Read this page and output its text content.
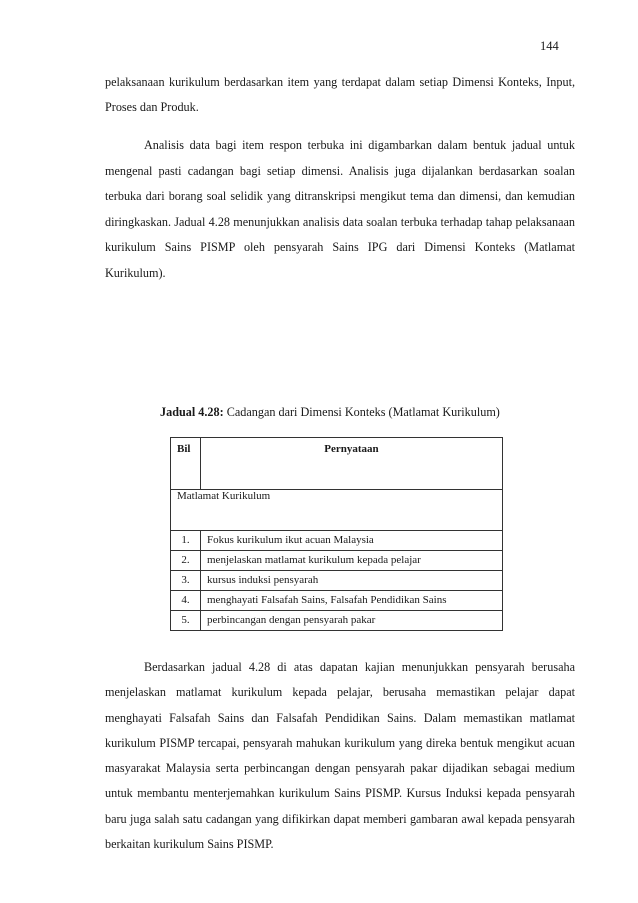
144

pelaksanaan kurikulum berdasarkan item yang terdapat dalam setiap Dimensi Konteks, Input, Proses dan Produk.

Analisis data bagi item respon terbuka ini digambarkan dalam bentuk jadual untuk mengenal pasti cadangan bagi setiap dimensi. Analisis juga dijalankan berdasarkan soalan terbuka dari borang soal selidik yang ditranskripsi mengikut tema dan dimensi, dan kemudian diringkaskan. Jadual 4.28 menunjukkan analisis data soalan terbuka terhadap tahap pelaksanaan kurikulum Sains PISMP oleh pensyarah Sains IPG dari Dimensi Konteks (Matlamat Kurikulum).

Jadual 4.28: Cadangan dari Dimensi Konteks (Matlamat Kurikulum)
Bil	Pernyataan
Matlamat Kurikulum	
1.	Fokus kurikulum ikut acuan Malaysia
2.	menjelaskan matlamat kurikulum kepada pelajar
3.	kursus induksi pensyarah
4.	menghayati Falsafah Sains, Falsafah Pendidikan Sains
5.	perbincangan dengan pensyarah pakar

Berdasarkan jadual 4.28 di atas dapatan kajian menunjukkan pensyarah berusaha menjelaskan matlamat kurikulum kepada pelajar, berusaha memastikan pelajar dapat menghayati Falsafah Sains dan Falsafah Pendidikan Sains. Dalam memastikan matlamat kurikulum PISMP tercapai, pensyarah mahukan kurikulum yang direka bentuk mengikut acuan masyarakat Malaysia serta perbincangan dengan pensyarah pakar dijadikan sebagai medium untuk membantu menterjemahkan kurikulum Sains PISMP. Kursus Induksi kepada pensyarah baru juga salah satu cadangan yang difikirkan dapat memberi gambaran awal kepada pensyarah berkaitan kurikulum Sains PISMP.
